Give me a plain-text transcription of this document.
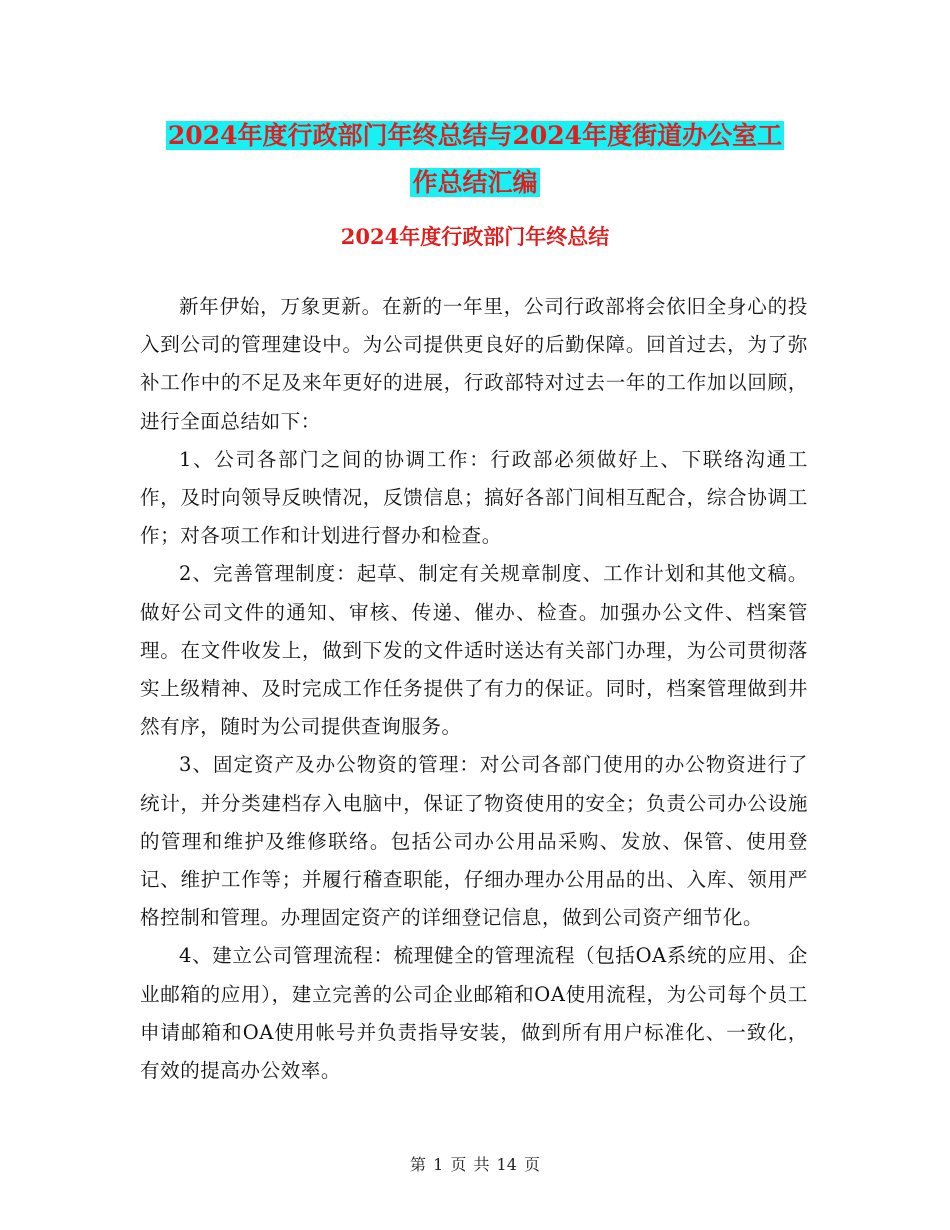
2024年度行政部门年终总结与2024年度街道办公室工
作总结汇编
2024年度行政部门年终总结

新年伊始，万象更新。在新的一年里，公司行政部将会依旧全身心的投入到公司的管理建设中。为公司提供更良好的后勤保障。回首过去，为了弥补工作中的不足及来年更好的进展，行政部特对过去一年的工作加以回顾，进行全面总结如下：

1、公司各部门之间的协调工作：行政部必须做好上、下联络沟通工作，及时向领导反映情况，反馈信息；搞好各部门间相互配合，综合协调工作；对各项工作和计划进行督办和检查。

2、完善管理制度：起草、制定有关规章制度、工作计划和其他文稿。做好公司文件的通知、审核、传递、催办、检查。加强办公文件、档案管理。在文件收发上，做到下发的文件适时送达有关部门办理，为公司贯彻落实上级精神、及时完成工作任务提供了有力的保证。同时，档案管理做到井然有序，随时为公司提供查询服务。

3、固定资产及办公物资的管理：对公司各部门使用的办公物资进行了统计，并分类建档存入电脑中，保证了物资使用的安全；负责公司办公设施的管理和维护及维修联络。包括公司办公用品采购、发放、保管、使用登记、维护工作等；并履行稽查职能，仔细办理办公用品的出、入库、领用严格控制和管理。办理固定资产的详细登记信息，做到公司资产细节化。

4、建立公司管理流程：梳理健全的管理流程（包括OA系统的应用、企业邮箱的应用），建立完善的公司企业邮箱和OA使用流程，为公司每个员工申请邮箱和OA使用帐号并负责指导安装，做到所有用户标准化、一致化，有效的提高办公效率。

第 1 页 共 14 页
